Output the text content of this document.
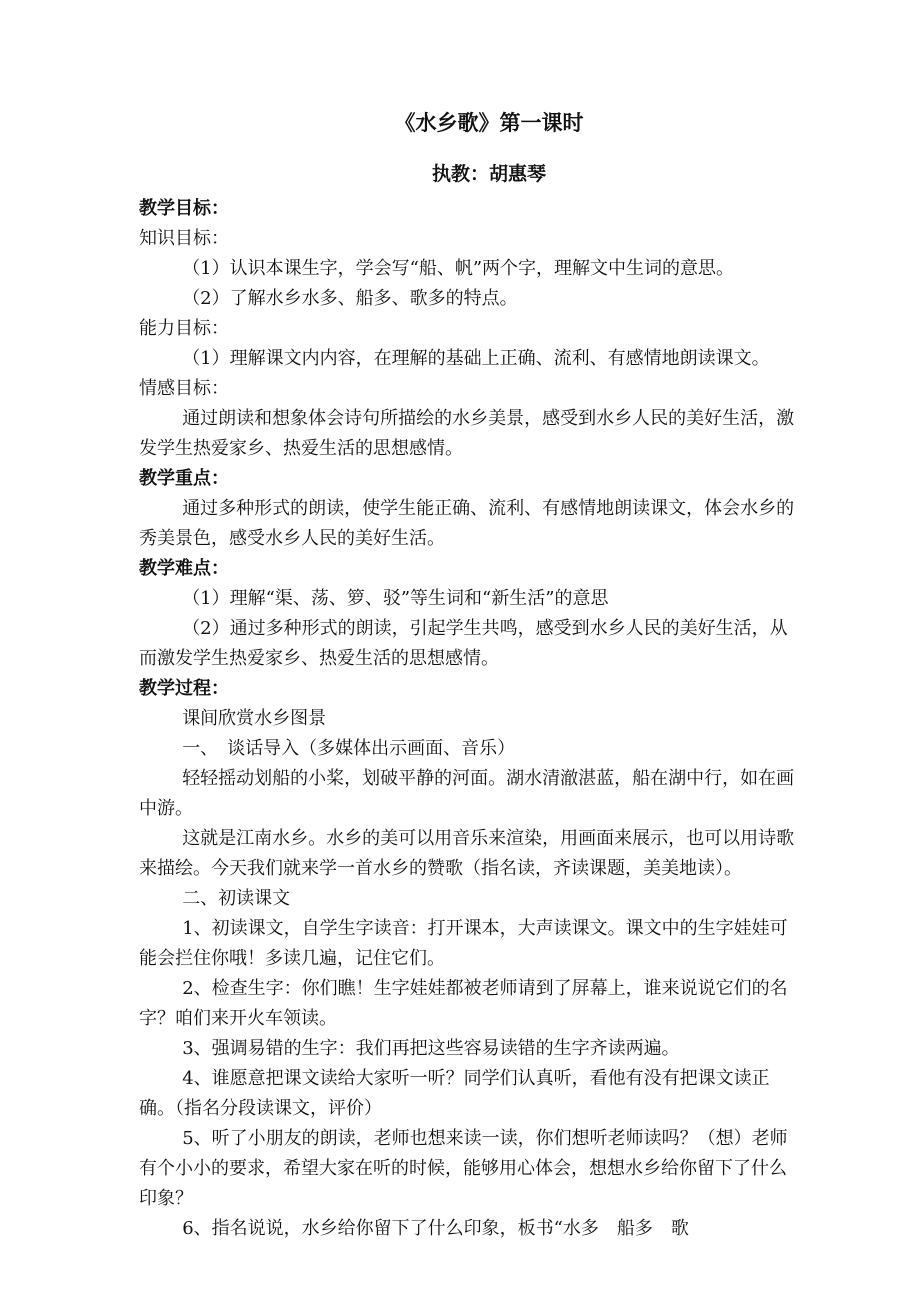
《水乡歌》第一课时
执教：胡惠琴

教学目标：

知识目标：

（1）认识本课生字，学会写“船、帆”两个字，理解文中生词的意思。

（2）了解水乡水多、船多、歌多的特点。

能力目标：

（1）理解课文内内容，在理解的基础上正确、流利、有感情地朗读课文。

情感目标：

通过朗读和想象体会诗句所描绘的水乡美景，感受到水乡人民的美好生活，激发学生热爱家乡、热爱生活的思想感情。

教学重点：

通过多种形式的朗读，使学生能正确、流利、有感情地朗读课文，体会水乡的秀美景色，感受水乡人民的美好生活。

教学难点：

（1）理解“渠、荡、箩、驳”等生词和“新生活”的意思

（2）通过多种形式的朗读，引起学生共鸣，感受到水乡人民的美好生活，从而激发学生热爱家乡、热爱生活的思想感情。

教学过程：

课间欣赏水乡图景

一、　谈话导入（多媒体出示画面、音乐）

轻轻摇动划船的小桨，划破平静的河面。湖水清澈湛蓝，船在湖中行，如在画中游。

这就是江南水乡。水乡的美可以用音乐来渲染，用画面来展示，也可以用诗歌来描绘。今天我们就来学一首水乡的赞歌（指名读，齐读课题，美美地读）。

二、初读课文

1、初读课文，自学生字读音：打开课本，大声读课文。课文中的生字娃娃可能会拦住你哦！多读几遍，记住它们。

2、检查生字：你们瞧！生字娃娃都被老师请到了屏幕上，谁来说说它们的名字？咱们来开火车领读。

3、强调易错的生字：我们再把这些容易读错的生字齐读两遍。

4、谁愿意把课文读给大家听一听？同学们认真听，看他有没有把课文读正确。（指名分段读课文，评价）

5、听了小朋友的朗读，老师也想来读一读，你们想听老师读吗？（想）老师有个小小的要求，希望大家在听的时候，能够用心体会，想想水乡给你留下了什么印象？

6、指名说说，水乡给你留下了什么印象，板书“水多　船多　歌
